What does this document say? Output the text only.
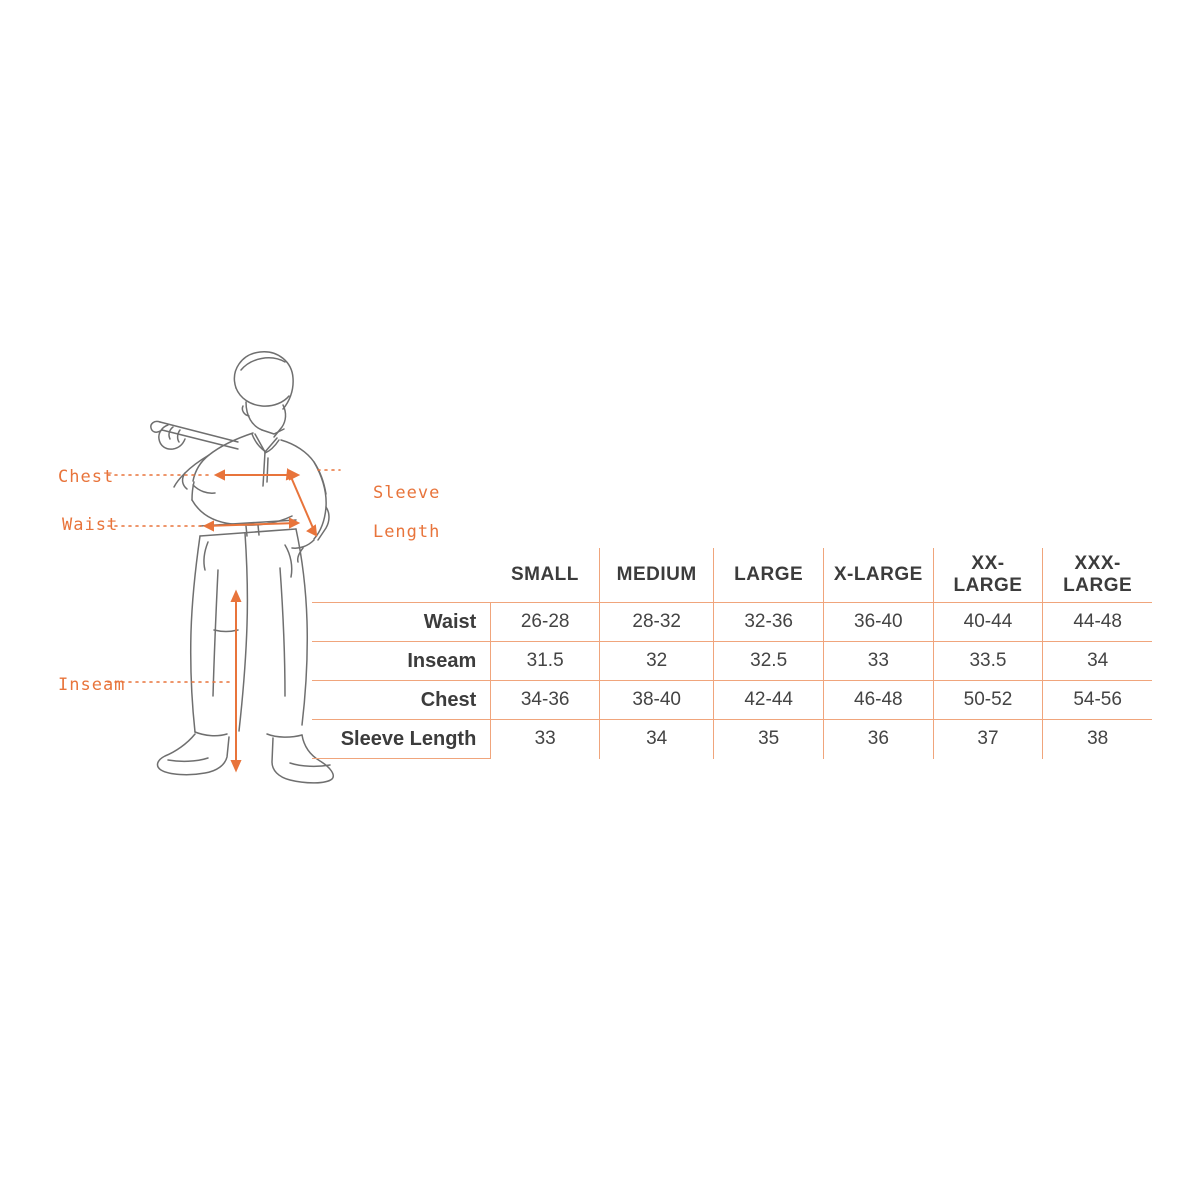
Chest
Waist
Inseam

Sleeve

Length

	SMALL	MEDIUM	LARGE	X-LARGE	XX-LARGE	XXX-LARGE
Waist	26-28	28-32	32-36	36-40	40-44	44-48
Inseam	31.5	32	32.5	33	33.5	34
Chest	34-36	38-40	42-44	46-48	50-52	54-56
Sleeve Length	33	34	35	36	37	38
